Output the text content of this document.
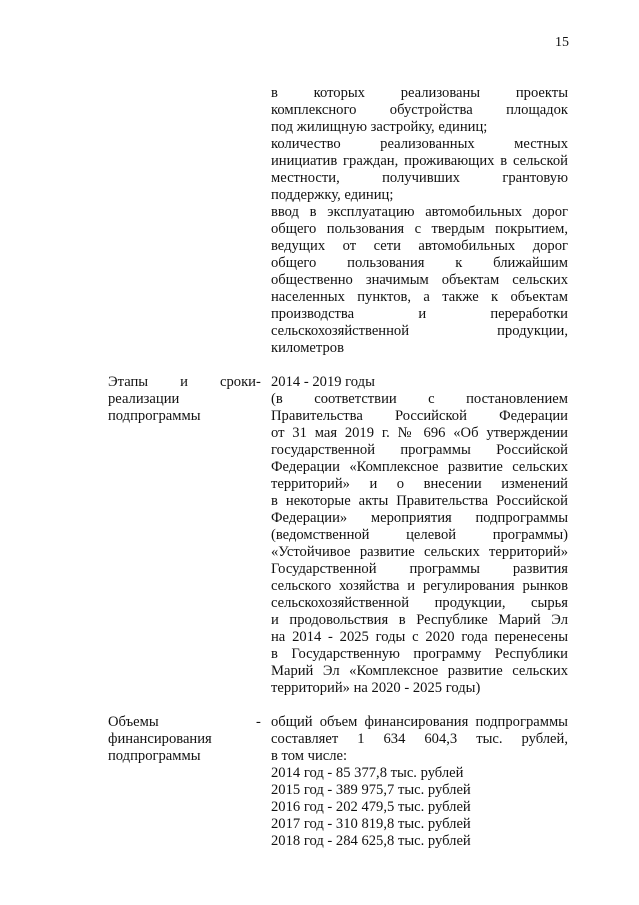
15
в которых реализованы проекты
комплексного обустройства площадок
под жилищную застройку, единиц;
количество реализованных местных
инициатив граждан, проживающих в сельской
местности, получивших грантовую
поддержку, единиц;
ввод в эксплуатацию автомобильных дорог
общего пользования с твердым покрытием,
ведущих от сети автомобильных дорог
общего пользования к ближайшим
общественно значимым объектам сельских
населенных пунктов, а также к объектам
производства и переработки
сельскохозяйственной продукции,
километров
Этапы и сроки
реализации
подпрограммы
- 2014 - 2019 годы
(в соответствии с постановлением
Правительства Российской Федерации
от 31 мая 2019 г. № 696 «Об утверждении
государственной программы Российской
Федерации «Комплексное развитие сельских
территорий» и о внесении изменений
в некоторые акты Правительства Российской
Федерации» мероприятия подпрограммы
(ведомственной целевой программы)
«Устойчивое развитие сельских территорий»
Государственной программы развития
сельского хозяйства и регулирования рынков
сельскохозяйственной продукции, сырья
и продовольствия в Республике Марий Эл
на 2014 - 2025 годы с 2020 года перенесены
в Государственную программу Республики
Марий Эл «Комплексное развитие сельских
территорий» на 2020 - 2025 годы)
Объемы
финансирования
подпрограммы
- общий объем финансирования подпрограммы
составляет 1 634 604,3 тыс. рублей,
в том числе:
2014 год - 85 377,8 тыс. рублей
2015 год - 389 975,7 тыс. рублей
2016 год - 202 479,5 тыс. рублей
2017 год - 310 819,8 тыс. рублей
2018 год - 284 625,8 тыс. рублей
